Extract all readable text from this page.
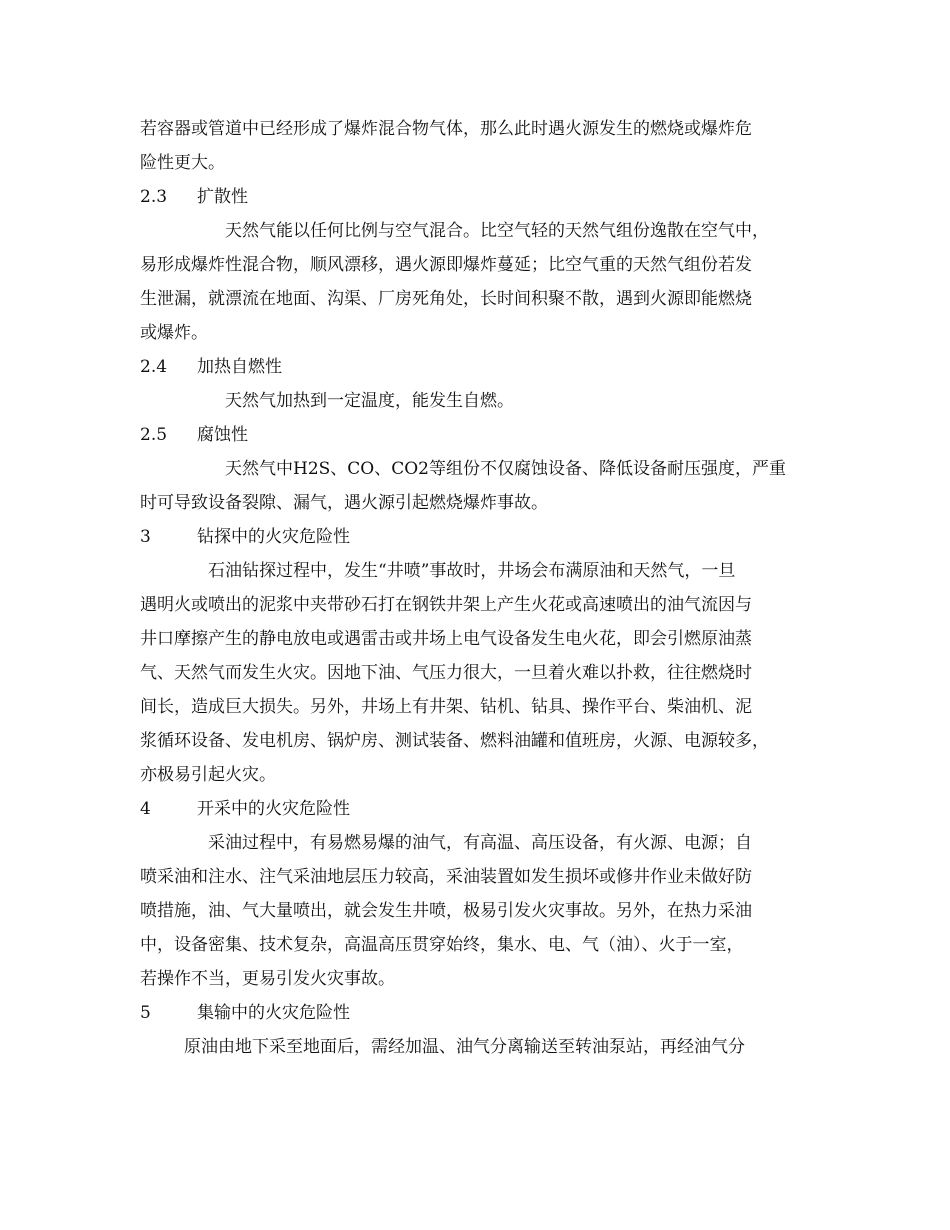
若容器或管道中已经形成了爆炸混合物气体，那么此时遇火源发生的燃烧或爆炸危
险性更大。
2.3 扩散性
天然气能以任何比例与空气混合。比空气轻的天然气组份逸散在空气中，
易形成爆炸性混合物，顺风漂移，遇火源即爆炸蔓延；比空气重的天然气组份若发
生泄漏，就漂流在地面、沟渠、厂房死角处，长时间积聚不散，遇到火源即能燃烧
或爆炸。
2.4 加热自燃性
天然气加热到一定温度，能发生自燃。
2.5 腐蚀性
天然气中H2S、CO、CO2等组份不仅腐蚀设备、降低设备耐压强度，严重
时可导致设备裂隙、漏气，遇火源引起燃烧爆炸事故。
3	钻探中的火灾危险性
石油钻探过程中，发生“井喷”事故时，井场会布满原油和天然气，一旦
遇明火或喷出的泥浆中夹带砂石打在钢铁井架上产生火花或高速喷出的油气流因与
井口摩擦产生的静电放电或遇雷击或井场上电气设备发生电火花，即会引燃原油蒸
气、天然气而发生火灾。因地下油、气压力很大，一旦着火难以扑救，往往燃烧时
间长，造成巨大损失。另外，井场上有井架、钻机、钻具、操作平台、柴油机、泥
浆循环设备、发电机房、锅炉房、测试装备、燃料油罐和值班房，火源、电源较多，
亦极易引起火灾。
4	开采中的火灾危险性
采油过程中，有易燃易爆的油气，有高温、高压设备，有火源、电源；自
喷采油和注水、注气采油地层压力较高，采油装置如发生损坏或修井作业未做好防
喷措施，油、气大量喷出，就会发生井喷，极易引发火灾事故。另外，在热力采油
中，设备密集、技术复杂，高温高压贯穿始终，集水、电、气（油）、火于一室，
若操作不当，更易引发火灾事故。
5	集输中的火灾危险性
原油由地下采至地面后，需经加温、油气分离输送至转油泵站，再经油气分
